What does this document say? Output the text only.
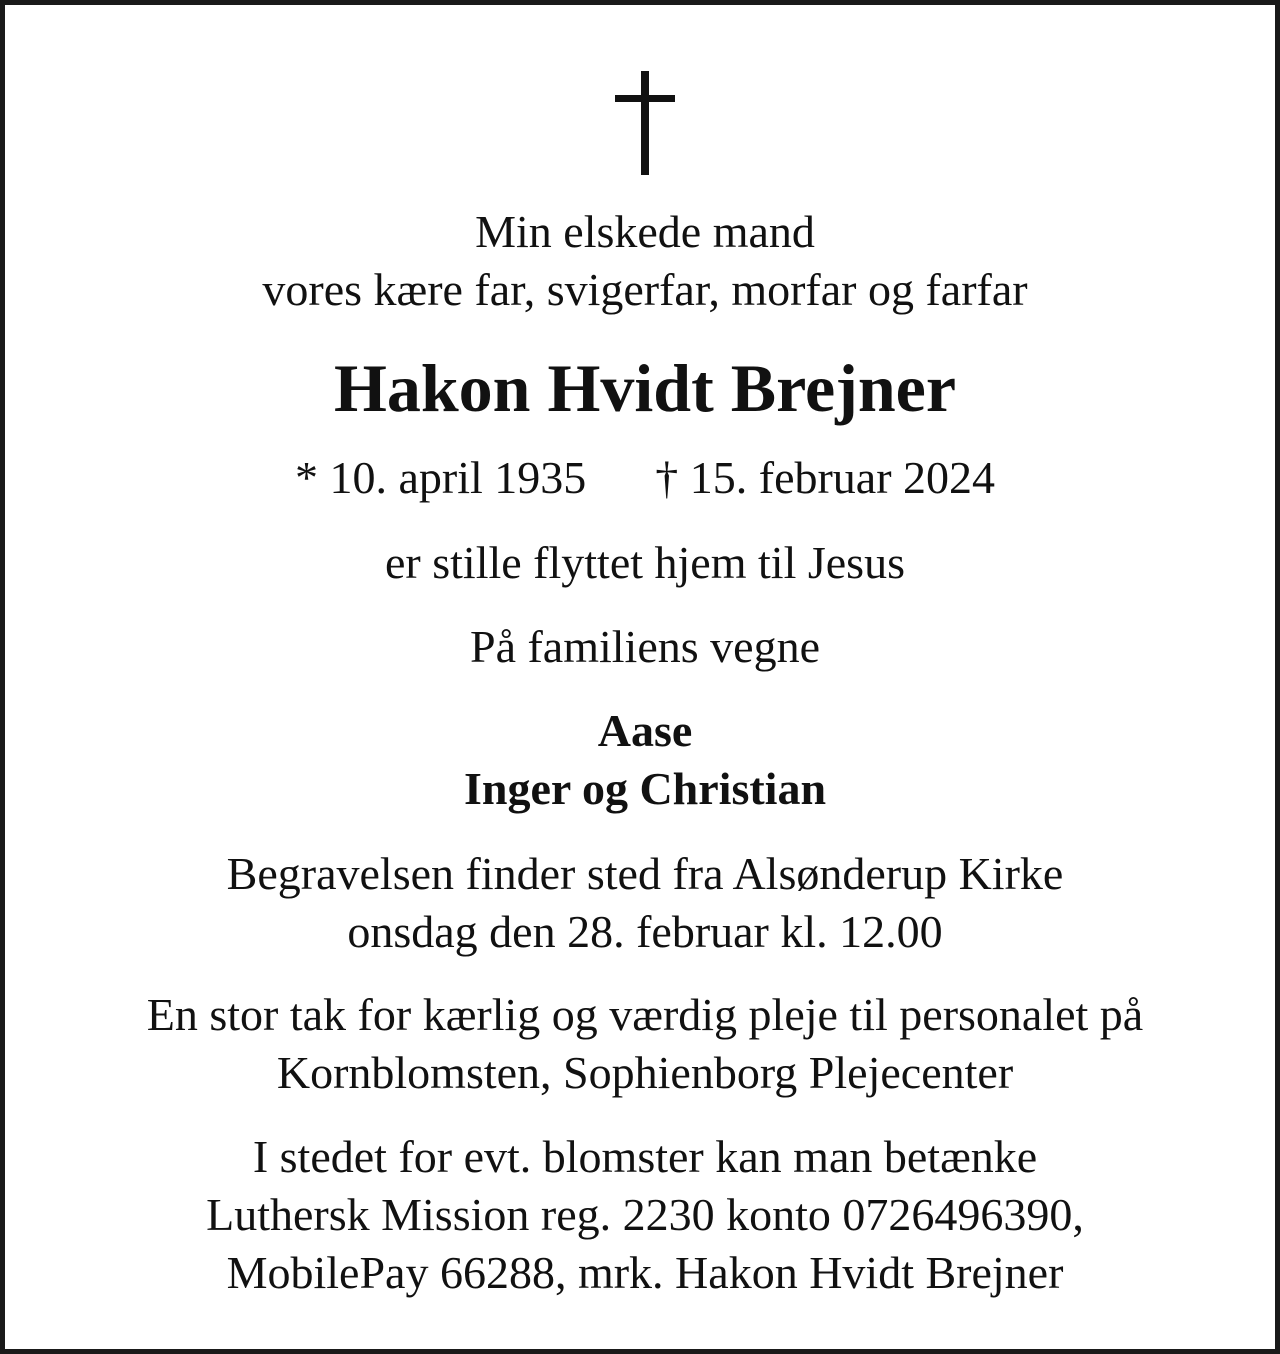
Min elskede mand
vores kære far, svigerfar, morfar og farfar
Hakon Hvidt Brejner
* 10. april 1935 † 15. februar 2024
er stille flyttet hjem til Jesus
På familiens vegne
Aase
Inger og Christian
Begravelsen finder sted fra Alsønderup Kirke
onsdag den 28. februar kl. 12.00
En stor tak for kærlig og værdig pleje til personalet på
Kornblomsten, Sophienborg Plejecenter
I stedet for evt. blomster kan man betænke
Luthersk Mission reg. 2230 konto 0726496390,
MobilePay 66288, mrk. Hakon Hvidt Brejner
